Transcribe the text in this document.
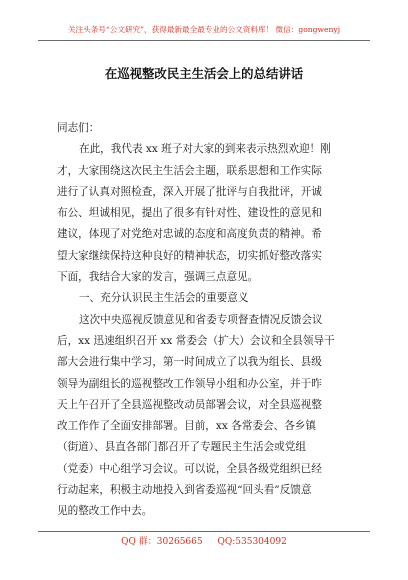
关注头条号“公文研究”，获得最新最全最专业的公文资料库！ 微信：gongwenyj
在巡视整改民主生活会上的总结讲话
同志们：
在此，我代表 xx 班子对大家的到来表示热烈欢迎！刚
才，大家围绕这次民主生活会主题，联系思想和工作实际
进行了认真对照检查，深入开展了批评与自我批评，开诚
布公、坦诚相见，提出了很多有针对性、建设性的意见和
建议，体现了对党绝对忠诚的态度和高度负责的精神。希
望大家继续保持这种良好的精神状态，切实抓好整改落实
下面，我结合大家的发言，强调三点意见。
一、充分认识民主生活会的重要意义
这次中央巡视反馈意见和省委专项督查情况反馈会议
后，xx 迅速组织召开 xx 常委会（扩大）会议和全县领导干
部大会进行集中学习，第一时间成立了以我为组长、县级
领导为副组长的巡视整改工作领导小组和办公室，并于昨
天上午召开了全县巡视整改动员部署会议，对全县巡视整
改工作作了全面安排部署。目前，xx 各常委会、各乡镇
（街道）、县直各部门都召开了专题民主生活会或党组
（党委）中心组学习会议。可以说，全县各级党组织已经
行动起来，积极主动地投入到省委巡视“回头看”反馈意
见的整改工作中去。
QQ 群：30265665 QQ:535304092
